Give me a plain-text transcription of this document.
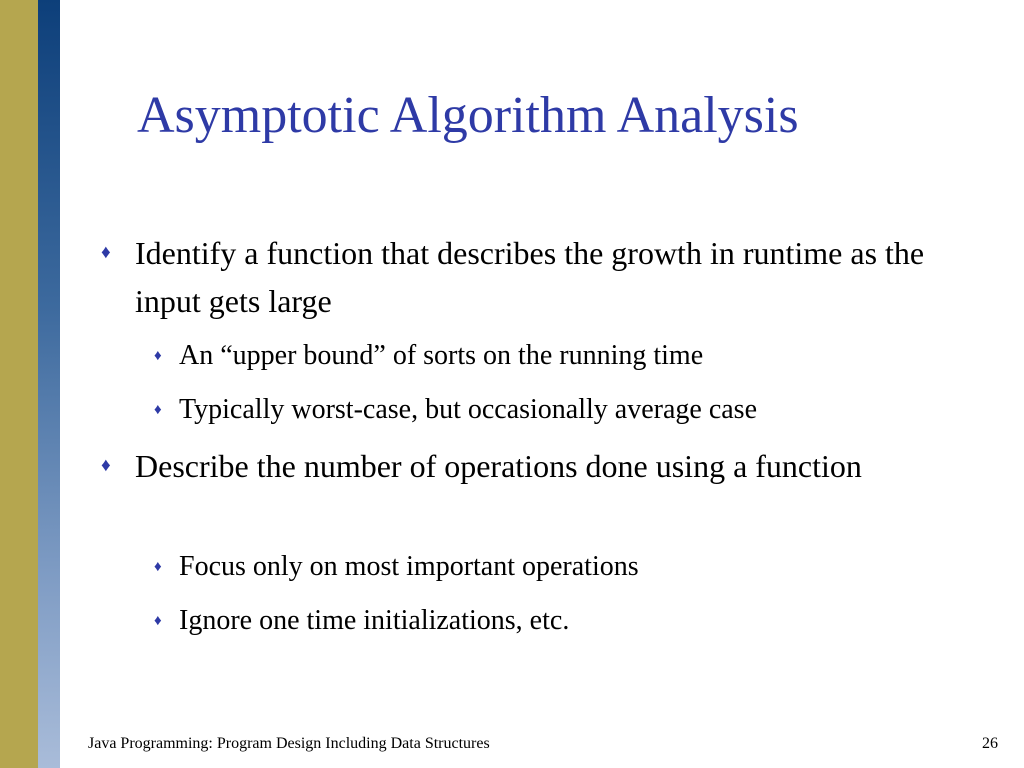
Asymptotic Algorithm Analysis
♦ Identify a function that describes the growth in runtime as the input gets large
♦ An “upper bound” of sorts on the running time
♦ Typically worst-case, but occasionally average case
♦ Describe the number of operations done using a function
♦ Focus only on most important operations
♦ Ignore one time initializations, etc.
Java Programming: Program Design Including Data Structures	26
